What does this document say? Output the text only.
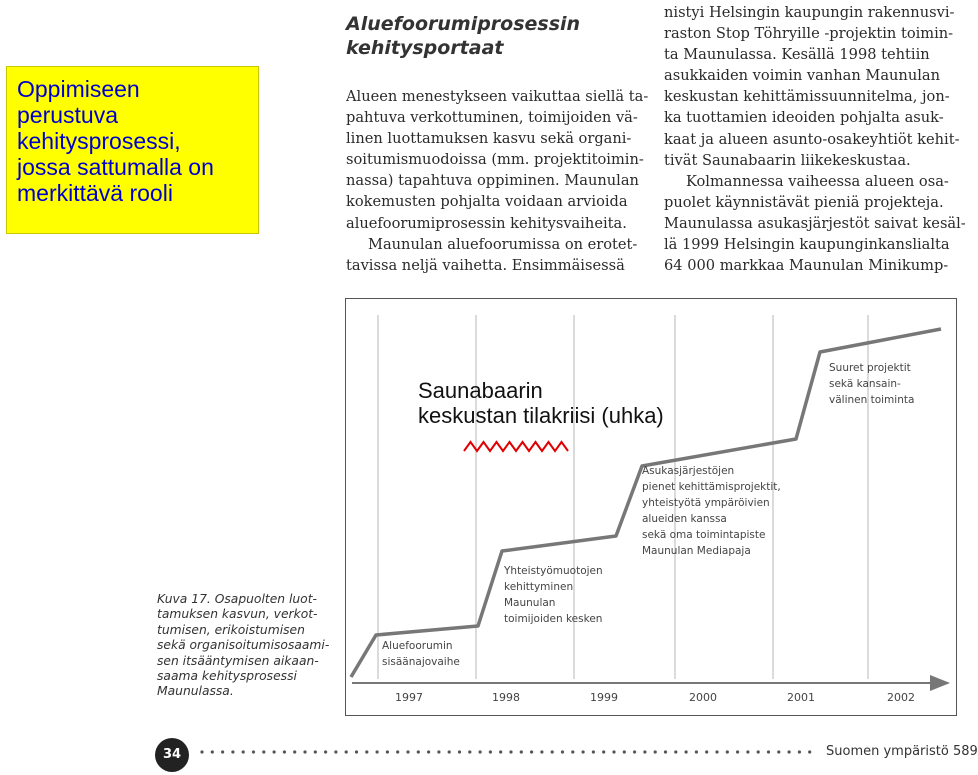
Oppimiseen
perustuva
kehitysprosessi,
jossa sattumalla on
merkittävä rooli
Aluefoorumiprosessin
kehitysportaat
Alueen menestykseen vaikuttaa siellä ta-
pahtuva verkottuminen, toimijoiden vä-
linen luottamuksen kasvu sekä organi-
soitumismuodoissa (mm. projektitoimin-
nassa) tapahtuva oppiminen. Maunulan
kokemusten pohjalta voidaan arvioida
aluefoorumiprosessin kehitysvaiheita.
Maunulan aluefoorumissa on erotet-
tavissa neljä vaihetta. Ensimmäisessä
nistyi Helsingin kaupungin rakennusvi-
raston Stop Töhryille -projektin toimin-
ta Maunulassa. Kesällä 1998 tehtiin
asukkaiden voimin vanhan Maunulan
keskustan kehittämissuunnitelma, jon-
ka tuottamien ideoiden pohjalta asuk-
kaat ja alueen asunto-osakeyhtiöt kehit-
tivät Saunabaarin liikekeskustaa.
Kolmannessa vaiheessa alueen osa-
puolet käynnistävät pieniä projekteja.
Maunulassa asukasjärjestöt saivat kesäl-
lä 1999 Helsingin kaupunginkanslialta
64 000 markkaa Maunulan Minikump-
1997	1998	1999	2000	2001	2002
Aluefoorumin
sisäänajovaihe
Yhteistyömuotojen
kehittyminen
Maunulan
toimijoiden kesken
Asukasjärjestöjen
pienet kehittämisprojektit,
yhteistyötä ympäröivien
alueiden kanssa
sekä oma toimintapiste
Maunulan Mediapaja
Suuret projektit
sekä kansain-
välinen toiminta
Saunabaarin
keskustan tilakriisi (uhka)
Kuva 17. Osapuolten luot-
tamuksen kasvun, verkot-
tumisen, erikoistumisen
sekä organisoitumisosaami-
sen itsääntymisen aikaan-
saama kehitysprosessi
Maunulassa.
34	Suomen ympäristö 589
